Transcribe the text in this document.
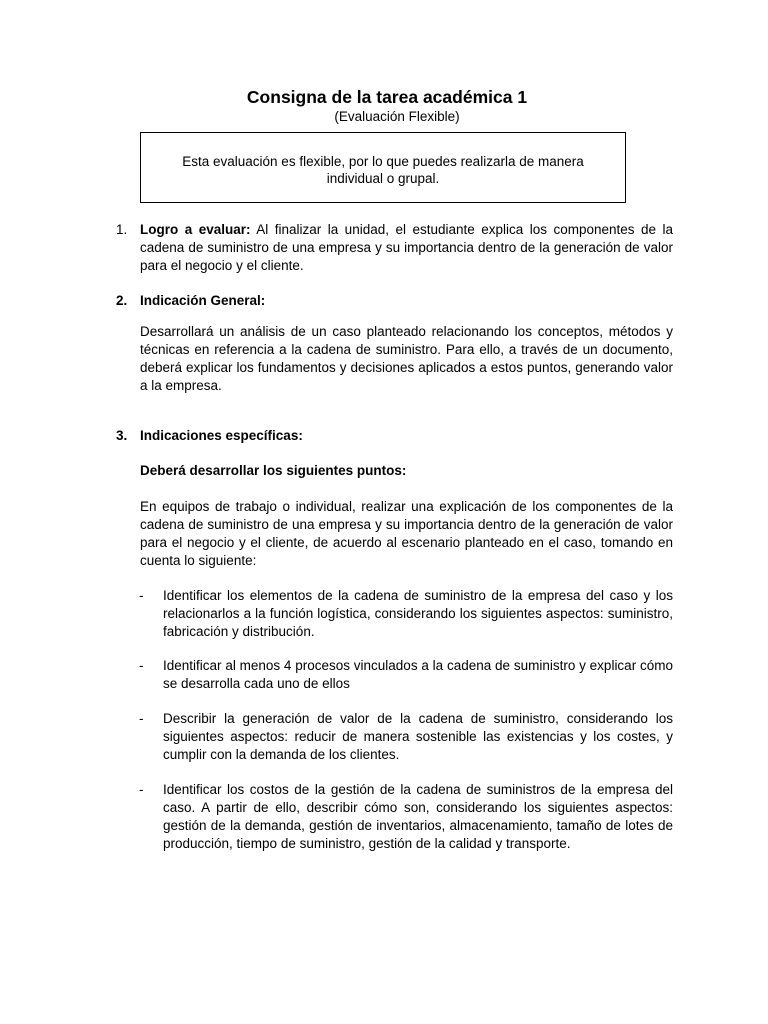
Consigna de la tarea académica 1
(Evaluación Flexible)

Esta evaluación es flexible, por lo que puedes realizarla de manera individual o grupal.

1. Logro a evaluar: Al finalizar la unidad, el estudiante explica los componentes de la cadena de suministro de una empresa y su importancia dentro de la generación de valor para el negocio y el cliente.

2. Indicación General:

Desarrollará un análisis de un caso planteado relacionando los conceptos, métodos y técnicas en referencia a la cadena de suministro. Para ello, a través de un documento, deberá explicar los fundamentos y decisiones aplicados a estos puntos, generando valor a la empresa.

3. Indicaciones específicas:

Deberá desarrollar los siguientes puntos:

En equipos de trabajo o individual, realizar una explicación de los componentes de la cadena de suministro de una empresa y su importancia dentro de la generación de valor para el negocio y el cliente, de acuerdo al escenario planteado en el caso, tomando en cuenta lo siguiente:

- Identificar los elementos de la cadena de suministro de la empresa del caso y los relacionarlos a la función logística, considerando los siguientes aspectos: suministro, fabricación y distribución.

- Identificar al menos 4 procesos vinculados a la cadena de suministro y explicar cómo se desarrolla cada uno de ellos

- Describir la generación de valor de la cadena de suministro, considerando los siguientes aspectos: reducir de manera sostenible las existencias y los costes, y cumplir con la demanda de los clientes.

- Identificar los costos de la gestión de la cadena de suministros de la empresa del caso. A partir de ello, describir cómo son, considerando los siguientes aspectos: gestión de la demanda, gestión de inventarios, almacenamiento, tamaño de lotes de producción, tiempo de suministro, gestión de la calidad y transporte.
